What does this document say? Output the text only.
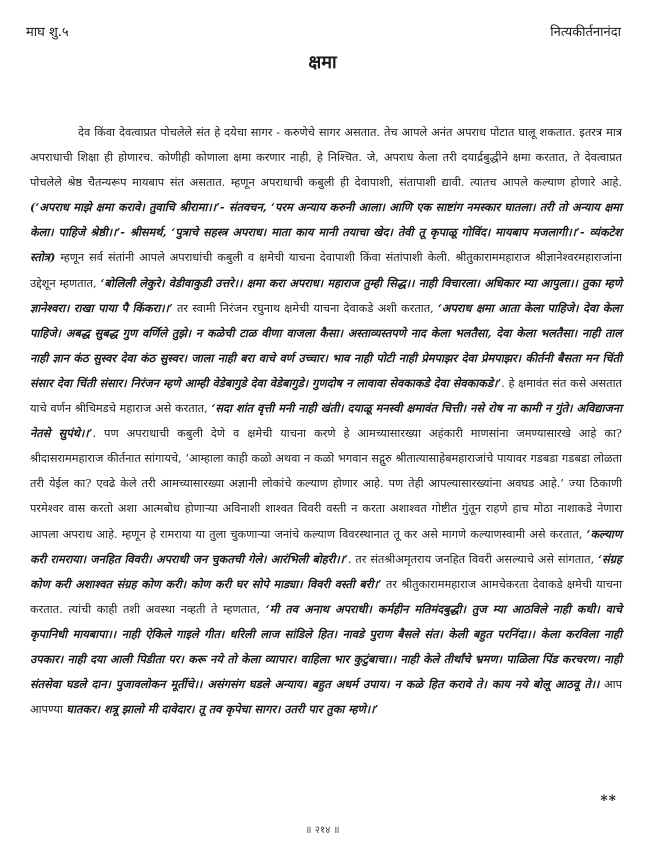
माघ शु.५	नित्यकीर्तनानंदा
क्षमा

देव किंवा देवत्वाप्रत पोचलेले संत हे दयेचा सागर - करुणेचे सागर असतात. तेच आपले अनंत अपराध पोटात घालू शकतात. इतरत्र मात्र अपराधाची शिक्षा ही होणारच. कोणीही कोणाला क्षमा करणार नाही, हे निश्चित. जे, अपराध केला तरी दयार्द्रबुद्धीने क्षमा करतात, ते देवत्वाप्रत पोचलेले श्रेष्ठ चैतन्यरूप मायबाप संत असतात. म्हणून अपराधाची कबुली ही देवापाशी, संतापाशी द्यावी. त्यातच आपले कल्याण होणारे आहे. (‘अपराध माझे क्षमा करावे। तुवाचि श्रीरामा।।’- संतवचन, ‘परम अन्याय करुनी आला। आणि एक साष्टांग नमस्कार घातला। तरी तो अन्याय क्षमा केला। पाहिजे श्रेष्ठी।।’- श्रीसमर्थ, ‘पुत्राचे सहस्त्र अपराध। माता काय मानी तयाचा खेद। तेवी तू कृपाळू गोविंद। मायबाप मजलागी।।’- व्यंकटेश स्तोत्र) म्हणून सर्व संतांनी आपले अपराधांची कबुली व क्षमेची याचना देवापाशी किंवा संतांपाशी केली. श्रीतुकाराममहाराज श्रीज्ञानेश्वरमहाराजांना उद्देशून म्हणतात, ‘बोलिली लेकुरे। वेडीवाकुडी उत्तरे।। क्षमा करा अपराध। महाराज तुम्ही सिद्ध।। नाही विचारला। अधिकार म्या आपुला।। तुका म्हणे ज्ञानेश्वरा। राखा पाया पै किंकरा।।’ तर स्वामी निरंजन रघुनाथ क्षमेची याचना देवाकडे अशी करतात, ‘अपराध क्षमा आता केला पाहिजे। देवा केला पाहिजे। अबद्ध सुबद्ध गुण वर्णिले तुझे। न कळेची टाळ वीणा वाजला कैसा। अस्ताव्यस्तपणे नाद केला भलतैसा, देवा केला भलतैसा। नाही ताल नाही ज्ञान कंठ सुस्वर देवा कंठ सुस्वर। जाला नाही बरा वाचे वर्ण उच्चार। भाव नाही पोटी नाही प्रेमपाझर देवा प्रेमपाझर। कीर्तनी बैसता मन चिंती संसार देवा चिंती संसार। निरंजन म्हणे आम्ही वेडेबागुडे देवा वेडेबागुडे। गुणदोष न लावावा सेवकाकडे देवा सेवकाकडे।’. हे क्षमावंत संत कसे असतात याचे वर्णन श्रीचिमडचे महाराज असे करतात, ‘सदा शांत वृत्ती मनी नाही खंती। दयाळू मनस्वी क्षमावंत चित्ती। नसे रोष ना कामी न गुंते। अविद्याजना नेतसे सुपंथे।।’. पण अपराधाची कबुली देणे व क्षमेची याचना करणे हे आमच्यासारख्या अहंकारी माणसांना जमण्यासारखे आहे का? श्रीदासराममहाराज कीर्तनात सांगायचे, ‘आम्हाला काही कळो अथवा न कळो भगवान सद्गुरु श्रीतात्यासाहेबमहाराजांचे पायावर गडबडा गडबडा लोळता तरी येईल का? एवढे केले तरी आमच्यासारख्या अज्ञानी लोकांचे कल्याण होणार आहे. पण तेही आपल्यासारख्यांना अवघड आहे.’ ज्या ठिकाणी परमेश्वर वास करतो अशा आत्मबोध होणाऱ्या अविनाशी शाश्वत विवरी वस्ती न करता अशाश्वत गोष्टीत गुंतून राहणे हाच मोठा नाशाकडे नेणारा आपला अपराध आहे. म्हणून हे रामराया या तुला चुकणाऱ्या जनांचे कल्याण विवरस्थानात तू कर असे मागणे कल्याणस्वामी असे करतात, ‘कल्याण करी रामराया। जनहित विवरी। अपराधी जन चुकतची गेले। आरंभिली बोहरी।।’. तर संतश्रीअमृतराय जनहित विवरी असल्याचे असे सांगतात, ‘संग्रह कोण करी अशाश्वत संग्रह कोण करी। कोण करी घर सोपे माड्या। विवरी वस्ती बरी।’ तर श्रीतुकाराममहाराज आमचेकरता देवाकडे क्षमेची याचना करतात. त्यांची काही तशी अवस्था नव्हती ते म्हणतात, ‘मी तव अनाथ अपराधी। कर्महीन मतिमंदबुद्धी। तुज म्या आठविले नाही कधी। वाचे कृपानिधी मायबापा।। नाही ऐकिले गाइले गीत। धरिली लाज सांडिले हित। नावडे पुराण बैसले संत। केली बहुत परनिंदा।। केला करविला नाही उपकार। नाही दया आली पिडीता पर। करू नये तो केला व्यापार। वाहिला भार कुटुंबाचा।। नाही केले तीर्थांचे भ्रमण। पाळिला पिंड करचरण। नाही संतसेवा घडले दान। पुजावलोकन मूर्तीचे।। असंगसंग घडले अन्याय। बहुत अधर्म उपाय। न कळे हित करावे ते। काय नये बोलू आठवू ते।। आप आपण्या घातकर। शत्रू झालो मी दावेदार। तू तव कृपेचा सागर। उतरी पार तुका म्हणे।।’

**
॥ २१४ ॥
